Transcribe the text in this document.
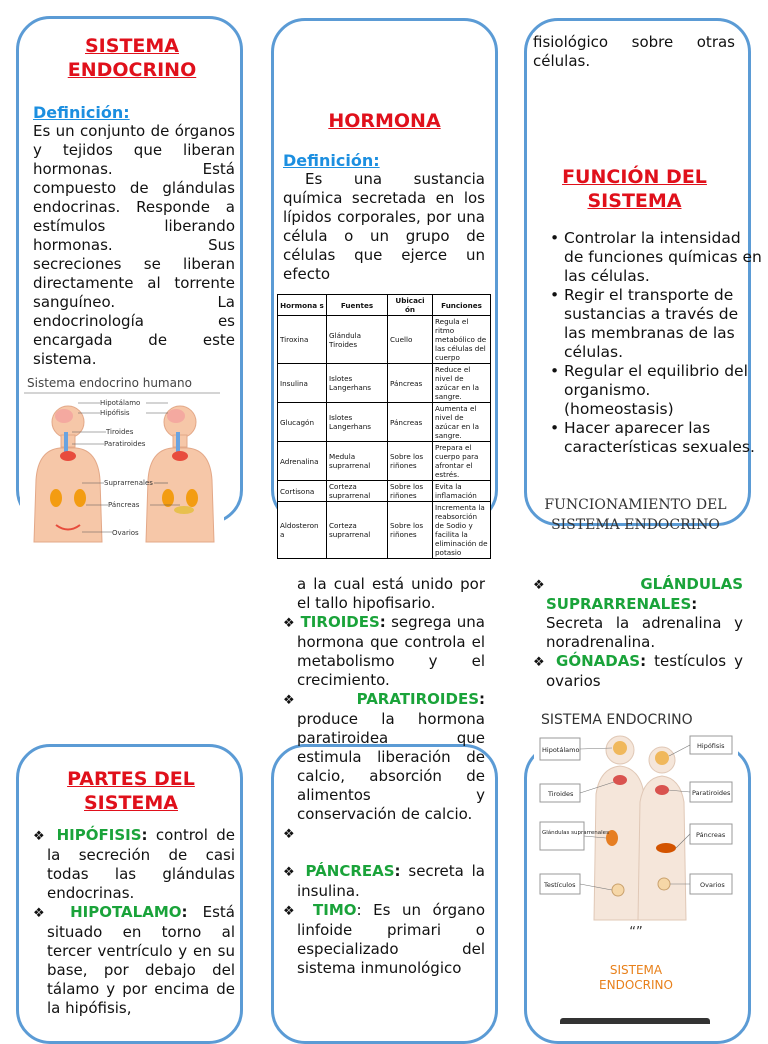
SISTEMA
ENDOCRINO
Definición:
Es un conjunto de órganos y tejidos que liberan hormonas. Está compuesto de glándulas endocrinas. Responde a estímulos liberando hormonas. Sus secreciones se liberan directamente al torrente sanguíneo. La endocrinología es encargada de este sistema.
Sistema endocrino humano
Hipotálamo
Hipófisis
Tiroides
Paratiroides
Suprarrenales
Páncreas
Ovarios
HORMONA
Definición:
Es una sustancia química secretada en los lípidos corporales, por una célula o un grupo de células que ejerce un efecto
Hormona s	Fuentes	Ubicaci ón	Funciones
Tiroxina	Glándula Tiroides	Cuello	Regula el ritmo metabólico de las células del cuerpo
Insulina	Islotes Langerhans	Páncreas	Reduce el nivel de azúcar en la sangre.
Glucagón	Islotes Langerhans	Páncreas	Aumenta el nivel de azúcar en la sangre.
Adrenalina	Medula suprarrenal	Sobre los riñones	Prepara el cuerpo para afrontar el estrés.
Cortisona	Corteza suprarrenal	Sobre los riñones	Evita la inflamación
Aldosteron a	Corteza suprarrenal	Sobre los riñones	Incrementa la reabsorción de Sodio y facilita la eliminación de potasio
fisiológico sobre otras células.
FUNCIÓN DEL
SISTEMA
• Controlar la intensidad de funciones químicas en las células.
• Regir el transporte de sustancias a través de las membranas de las células.
• Regular el equilibrio del organismo. (homeostasis)
• Hacer aparecer las características sexuales.
FUNCIONAMIENTO DEL
SISTEMA ENDOCRINO
PARTES DEL
SISTEMA
❖ HIPÓFISIS: control de la secreción de casi todas las glándulas endocrinas.
❖ HIPOTALAMO: Está situado en torno al tercer ventrículo y en su base, por debajo del tálamo y por encima de la hipófisis,
a la cual está unido por el tallo hipofisario.
❖ TIROIDES: segrega una hormona que controla el metabolismo y el crecimiento.
❖ PARATIROIDES: produce la hormona paratiroidea que estimula liberación de calcio, absorción de alimentos y conservación de calcio.
❖
❖ PÁNCREAS: secreta la insulina.
❖ TIMO: Es un órgano linfoide primari o especializado del sistema inmunológico
❖	GLÁNDULAS SUPRARRENALES: Secreta la adrenalina y noradrenalina.
❖ GÓNADAS: testículos y ovarios
SISTEMA ENDOCRINO
Hipotálamo	Hipófisis
Tiroides	Paratiroides
Glándulas suprarrenales	Páncreas
Testículos	Ovarios
“”
SISTEMA
ENDOCRINO
